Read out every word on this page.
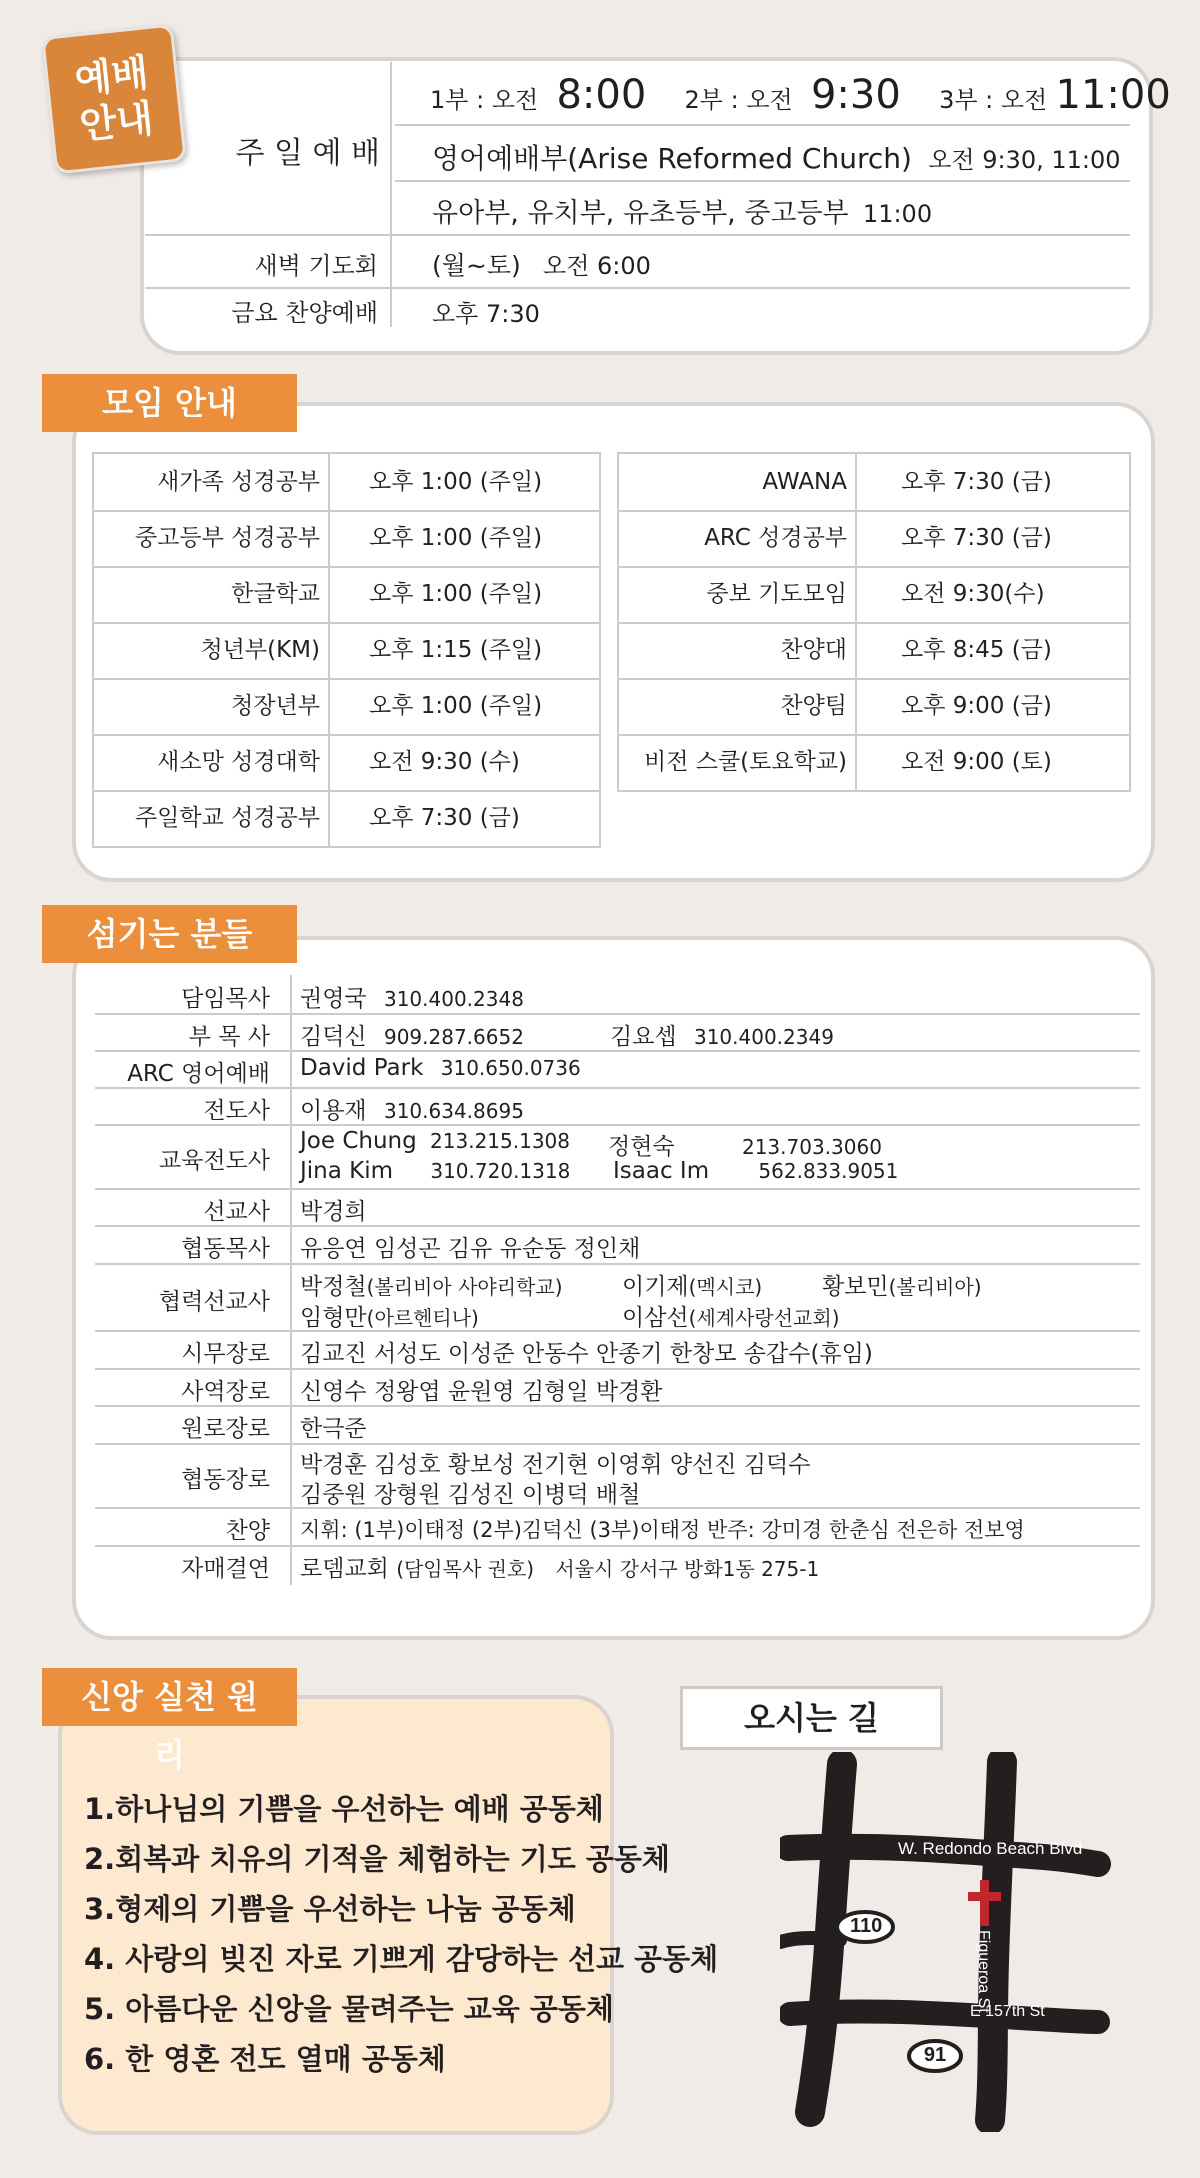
예배
안내
주 일 예 배
1부 : 오전 8:00 2부 : 오전 9:30 3부 : 오전 11:00
영어예배부(Arise Reformed Church) 오전 9:30, 11:00
유아부, 유치부, 유초등부, 중고등부 11:00
새벽 기도회 (월~토) 오전 6:00
금요 찬양예배 오후 7:30
모임 안내
새가족 성경공부 오후 1:00 (주일)
중고등부 성경공부 오후 1:00 (주일)
한글학교 오후 1:00 (주일)
청년부(KM) 오후 1:15 (주일)
청장년부 오후 1:00 (주일)
새소망 성경대학 오전 9:30 (수)
주일학교 성경공부 오후 7:30 (금)
AWANA 오후 7:30 (금)
ARC 성경공부 오후 7:30 (금)
중보 기도모임 오전 9:30(수)
찬양대 오후 8:45 (금)
찬양팀 오후 9:00 (금)
비전 스쿨(토요학교) 오전 9:00 (토)
섬기는 분들
담임목사 권영국 310.400.2348
부 목 사 김덕신 909.287.6652	김요셉 310.400.2349
ARC 영어예배 David Park 310.650.0736
전도사 이용재 310.634.8695
교육전도사
Joe Chung 213.215.1308 정현숙	213.703.3060
Jina Kim 310.720.1318 Isaac Im 562.833.9051
선교사 박경희
협동목사 유응연 임성곤 김유 유순동 정인채
협력선교사
박정철(볼리비아 사야리학교)	이기제(멕시코)	황보민(볼리비아)
임형만(아르헨티나)	이삼선(세계사랑선교회)
시무장로 김교진 서성도 이성준 안동수 안종기 한창모 송갑수(휴임)
사역장로 신영수 정왕엽 윤원영 김형일 박경환
원로장로 한극준
협동장로
박경훈 김성호 황보성 전기현 이영휘 양선진 김덕수
김중원 장형원 김성진 이병덕 배철
찬양 지휘: (1부)이태정 (2부)김덕신 (3부)이태정 반주: 강미경 한춘심 전은하 전보영
자매결연 로뎀교회 (담임목사 권호) 서울시 강서구 방화1동 275-1
신앙 실천 원리
1.하나님의 기쁨을 우선하는 예배 공동체
2.회복과 치유의 기적을 체험하는 기도 공동체
3.형제의 기쁨을 우선하는 나눔 공동체
4. 사랑의 빚진 자로 기쁘게 감당하는 선교 공동체
5. 아름다운 신앙을 물려주는 교육 공동체
6. 한 영혼 전도 열매 공동체
오시는 길
W. Redondo Beach Blvd
Figueroa St
E 157th St
110
91
